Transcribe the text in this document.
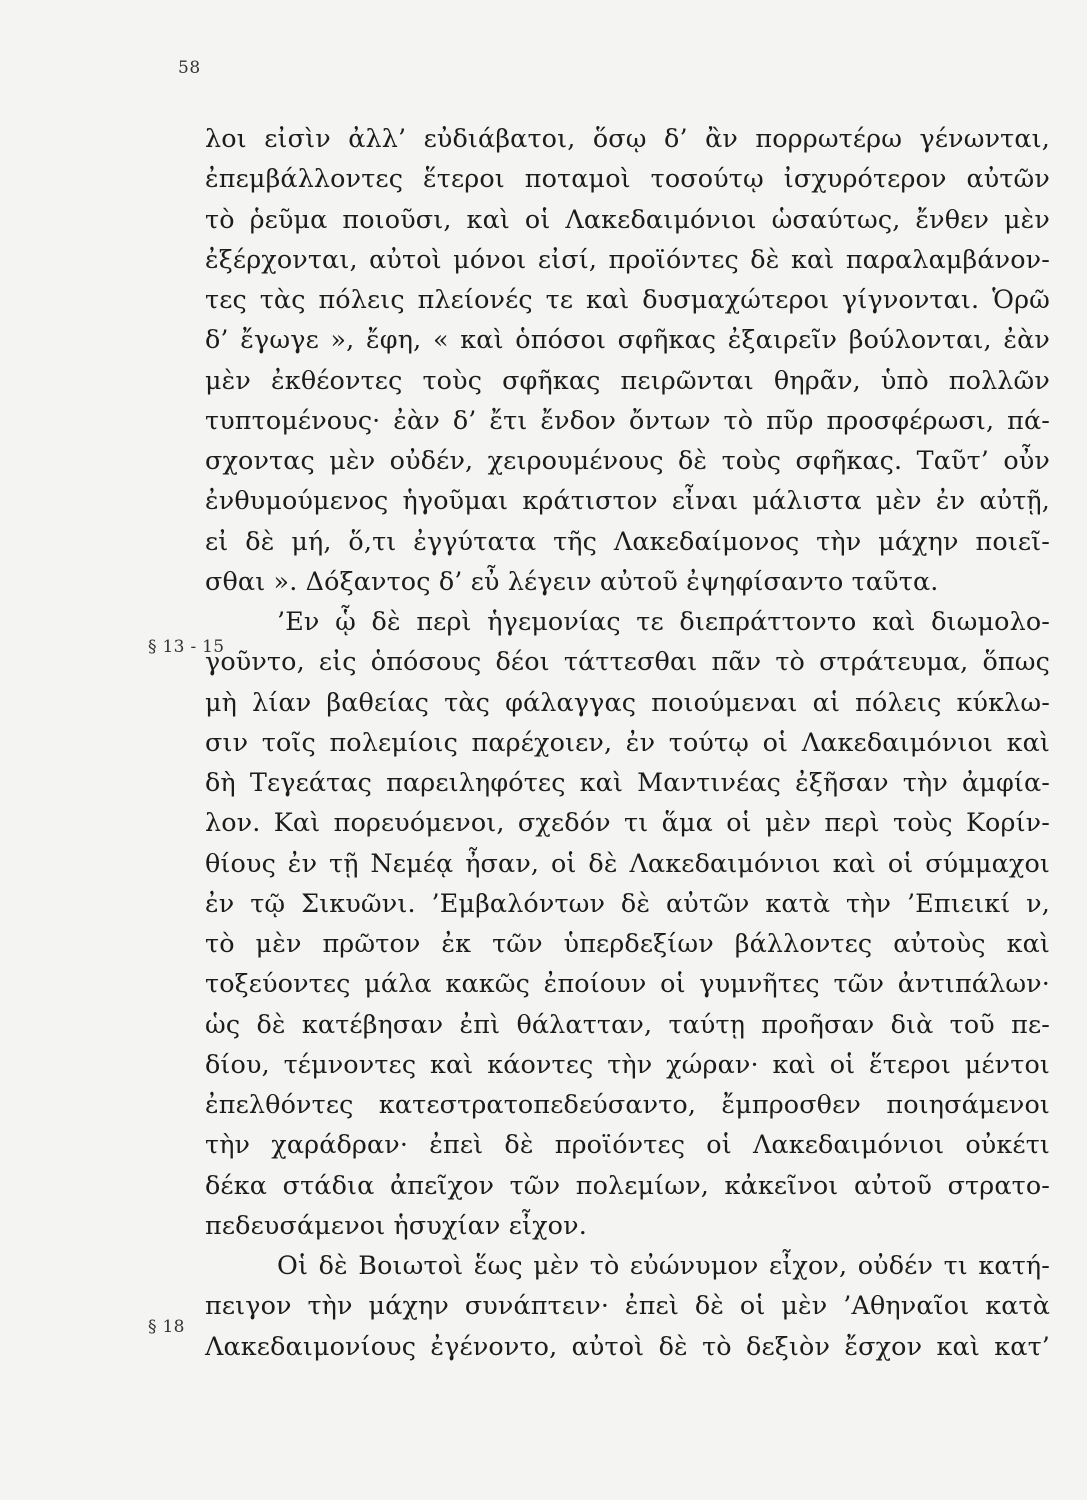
58
§ 13 - 15
§ 18
λοι εἰσὶν ἀλλ’ εὐδιάβατοι, ὅσῳ δ’ ἂν πορρωτέρω γένωνται,
ἐπεμβάλλοντες ἕτεροι ποταμοὶ τοσούτῳ ἰσχυρότερον αὐτῶν
τὸ ῥεῦμα ποιοῦσι, καὶ οἱ Λακεδαιμόνιοι ὡσαύτως, ἔνθεν μὲν
ἐξέρχονται, αὐτοὶ μόνοι εἰσί, προϊόντες δὲ καὶ παραλαμβάνον-
τες τὰς πόλεις πλείονές τε καὶ δυσμαχώτεροι γίγνονται. Ὁρῶ
δ’ ἔγωγε », ἔφη, « καὶ ὁπόσοι σφῆκας ἐξαιρεῖν βούλονται, ἐὰν
μὲν ἐκθέοντες τοὺς σφῆκας πειρῶνται θηρᾶν, ὑπὸ πολλῶν
τυπτομένους· ἐὰν δ’ ἔτι ἔνδον ὄντων τὸ πῦρ προσφέρωσι, πά-
σχοντας μὲν οὐδέν, χειρουμένους δὲ τοὺς σφῆκας. Ταῦτ’ οὖν
ἐνθυμούμενος ἡγοῦμαι κράτιστον εἶναι μάλιστα μὲν ἐν αὐτῇ,
εἰ δὲ μή, ὅ,τι ἐγγύτατα τῆς Λακεδαίμονος τὴν μάχην ποιεῖ-
σθαι ». Δόξαντος δ’ εὖ λέγειν αὐτοῦ ἐψηφίσαντο ταῦτα.
’Εν ᾧ δὲ περὶ ἡγεμονίας τε διεπράττοντο καὶ διωμολο-
γοῦντο, εἰς ὁπόσους δέοι τάττεσθαι πᾶν τὸ στράτευμα, ὅπως
μὴ λίαν βαθείας τὰς φάλαγγας ποιούμεναι αἱ πόλεις κύκλω-
σιν τοῖς πολεμίοις παρέχοιεν, ἐν τούτῳ οἱ Λακεδαιμόνιοι καὶ
δὴ Τεγεάτας παρειληφότες καὶ Μαντινέας ἐξῆσαν τὴν ἀμφία-
λον. Καὶ πορευόμενοι, σχεδόν τι ἅμα οἱ μὲν περὶ τοὺς Κορίν-
θίους ἐν τῇ Νεμέᾳ ἦσαν, οἱ δὲ Λακεδαιμόνιοι καὶ οἱ σύμμαχοι
ἐν τῷ Σικυῶνι. ’Εμβαλόντων δὲ αὐτῶν κατὰ τὴν ’Επιεικί ν,
τὸ μὲν πρῶτον ἐκ τῶν ὑπερδεξίων βάλλοντες αὐτοὺς καὶ
τοξεύοντες μάλα κακῶς ἐποίουν οἱ γυμνῆτες τῶν ἀντιπάλων·
ὡς δὲ κατέβησαν ἐπὶ θάλατταν, ταύτῃ προῆσαν διὰ τοῦ πε-
δίου, τέμνοντες καὶ κάοντες τὴν χώραν· καὶ οἱ ἕτεροι μέντοι
ἐπελθόντες κατεστρατοπεδεύσαντο, ἔμπροσθεν ποιησάμενοι
τὴν χαράδραν· ἐπεὶ δὲ προϊόντες οἱ Λακεδαιμόνιοι οὐκέτι
δέκα στάδια ἀπεῖχον τῶν πολεμίων, κἀκεῖνοι αὐτοῦ στρατο-
πεδευσάμενοι ἡσυχίαν εἶχον.
Οἱ δὲ Βοιωτοὶ ἕως μὲν τὸ εὐώνυμον εἶχον, οὐδέν τι κατή-
πειγον τὴν μάχην συνάπτειν· ἐπεὶ δὲ οἱ μὲν ’Αθηναῖοι κατὰ
Λακεδαιμονίους ἐγένοντο, αὐτοὶ δὲ τὸ δεξιὸν ἔσχον καὶ κατ’
